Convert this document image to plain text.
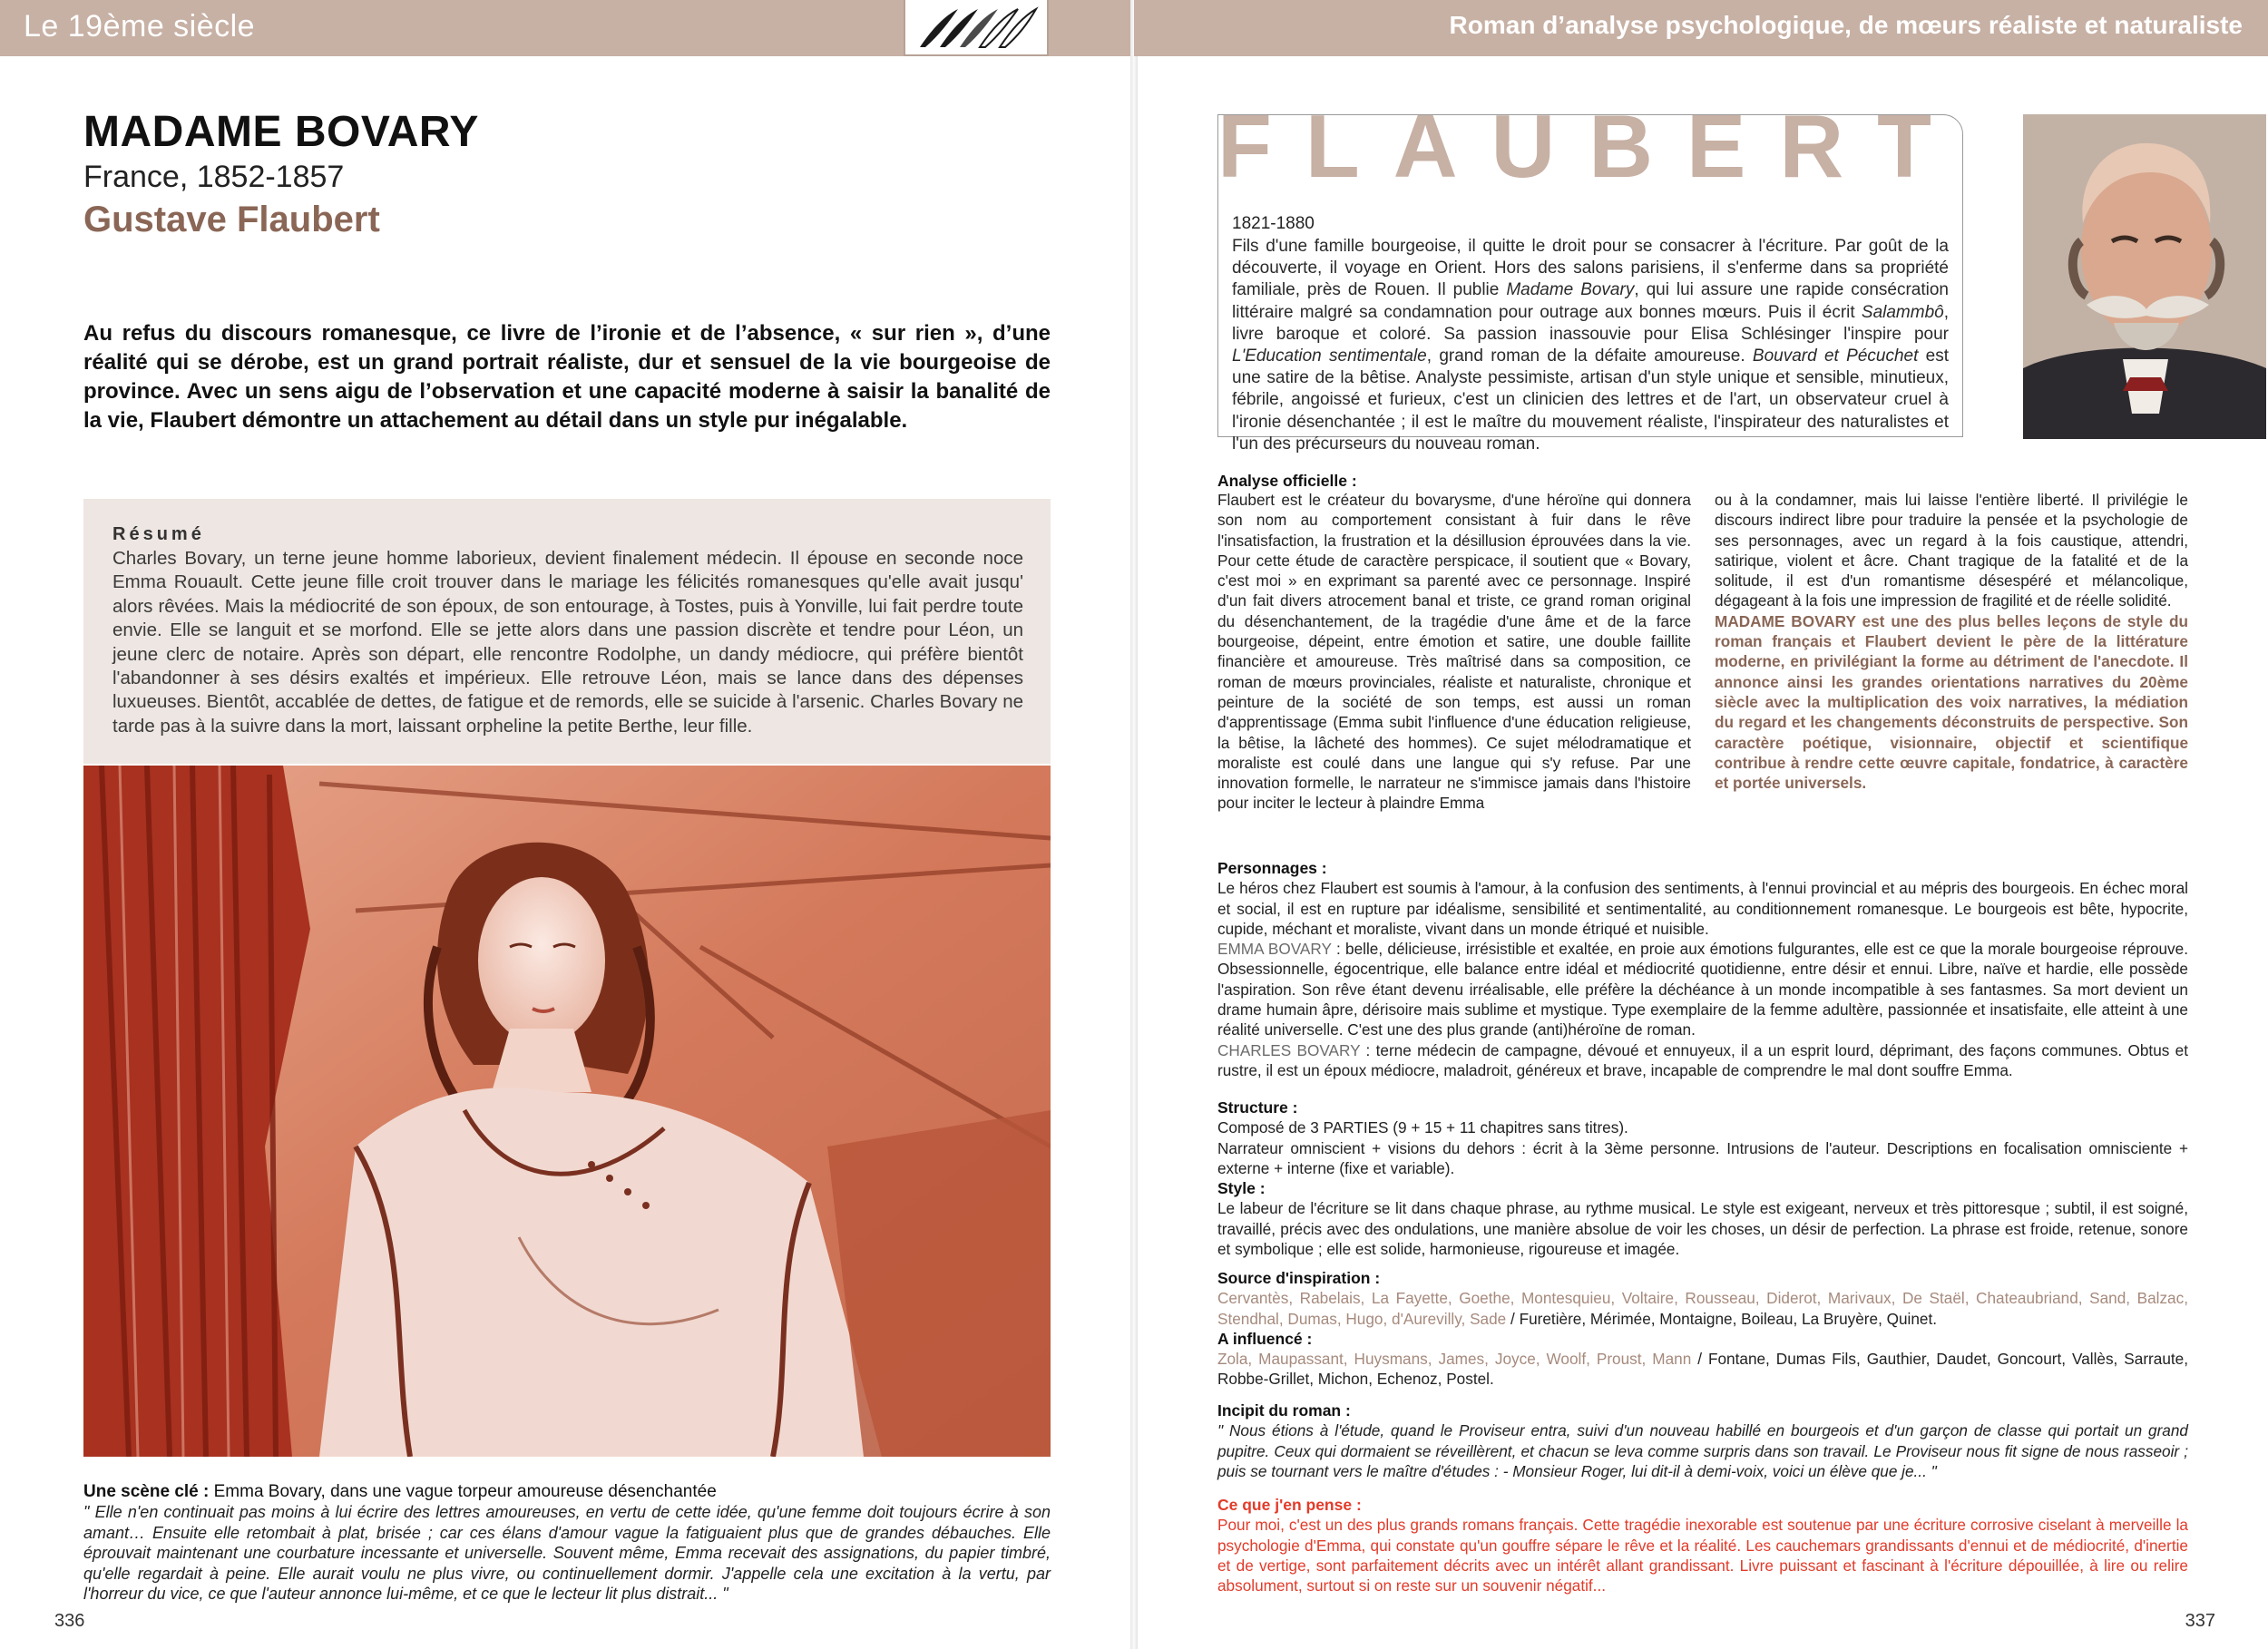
Le 19ème siècle
MADAME BOVARY
France, 1852-1857
Gustave Flaubert

Au refus du discours romanesque, ce livre de l’ironie et de l’absence, « sur rien », d’une réalité qui se dérobe, est un grand portrait réaliste, dur et sensuel de la vie bourgeoise de province. Avec un sens aigu de l’observation et une capacité moderne à saisir la banalité de la vie, Flaubert démontre un attachement au détail dans un style pur inégalable.

Résumé

Charles Bovary, un terne jeune homme laborieux, devient finalement médecin. Il épouse en seconde noce Emma Rouault. Cette jeune fille croit trouver dans le mariage les félicités romanesques qu'elle avait jusqu' alors rêvées. Mais la médiocrité de son époux, de son entourage, à Tostes, puis à Yonville, lui fait perdre toute envie. Elle se languit et se morfond. Elle se jette alors dans une passion discrète et tendre pour Léon, un jeune clerc de notaire. Après son départ, elle rencontre Rodolphe, un dandy médiocre, qui préfère bientôt l'abandonner à ses désirs exaltés et impérieux. Elle retrouve Léon, mais se lance dans des dépenses luxueuses. Bientôt, accablée de dettes, de fatigue et de remords, elle se suicide à l'arsenic. Charles Bovary ne tarde pas à la suivre dans la mort, laissant orpheline la petite Berthe, leur fille.

Une scène clé : Emma Bovary, dans une vague torpeur amoureuse désenchantée

" Elle n'en continuait pas moins à lui écrire des lettres amoureuses, en vertu de cette idée, qu'une femme doit toujours écrire à son amant… Ensuite elle retombait à plat, brisée ; car ces élans d'amour vague la fatiguaient plus que de grandes débauches. Elle éprouvait maintenant une courbature incessante et universelle. Souvent même, Emma recevait des assignations, du papier timbré, qu'elle regardait à peine. Elle aurait voulu ne plus vivre, ou continuellement dormir. J'appelle cela une excitation à la vertu, par l'horreur du vice, ce que l'auteur annonce lui-même, et ce que le lecteur lit plus distrait... "

336
Roman d’analyse psychologique, de mœurs réaliste et naturaliste
FLAUBERT
1821-1880

Fils d'une famille bourgeoise, il quitte le droit pour se consacrer à l'écriture. Par goût de la découverte, il voyage en Orient. Hors des salons parisiens, il s'enferme dans sa propriété familiale, près de Rouen. Il publie Madame Bovary, qui lui assure une rapide consécration littéraire malgré sa condamnation pour outrage aux bonnes mœurs. Puis il écrit Salammbô, livre baroque et coloré. Sa passion inassouvie pour Elisa Schlésinger l'inspire pour L'Education sentimentale, grand roman de la défaite amoureuse. Bouvard et Pécuchet est une satire de la bêtise. Analyste pessimiste, artisan d'un style unique et sensible, minutieux, fébrile, angoissé et furieux, c'est un clinicien des lettres et de l'art, un observateur cruel à l'ironie désenchantée ; il est le maître du mouvement réaliste, l'inspirateur des naturalistes et l'un des précurseurs du nouveau roman.

Analyse officielle :

Flaubert est le créateur du bovarysme, d'une héroïne qui donnera son nom au comportement consistant à fuir dans le rêve l'insatisfaction, la frustration et la désillusion éprouvées dans la vie. Pour cette étude de caractère perspicace, il soutient que « Bovary, c'est moi » en exprimant sa parenté avec ce personnage. Inspiré d'un fait divers atrocement banal et triste, ce grand roman original du désenchantement, de la tragédie d'une âme et de la farce bourgeoise, dépeint, entre émotion et satire, une double faillite financière et amoureuse. Très maîtrisé dans sa composition, ce roman de mœurs provinciales, réaliste et naturaliste, chronique et peinture de la société de son temps, est aussi un roman d'apprentissage (Emma subit l'influence d'une éducation religieuse, la bêtise, la lâcheté des hommes). Ce sujet mélodramatique et moraliste est coulé dans une langue qui s'y refuse. Par une innovation formelle, le narrateur ne s'immisce jamais dans l'histoire pour inciter le lecteur à plaindre Emma

ou à la condamner, mais lui laisse l'entière liberté. Il privilégie le discours indirect libre pour traduire la pensée et la psychologie de ses personnages, avec un regard à la fois caustique, attendri, satirique, violent et âcre. Chant tragique de la fatalité et de la solitude, il est d'un romantisme désespéré et mélancolique, dégageant à la fois une impression de fragilité et de réelle solidité.

MADAME BOVARY est une des plus belles leçons de style du roman français et Flaubert devient le père de la littérature moderne, en privilégiant la forme au détriment de l'anecdote. Il annonce ainsi les grandes orientations narratives du 20ème siècle avec la multiplication des voix narratives, la médiation du regard et les changements déconstruits de perspective. Son caractère poétique, visionnaire, objectif et scientifique contribue à rendre cette œuvre capitale, fondatrice, à caractère et portée universels.

Personnages :

Le héros chez Flaubert est soumis à l'amour, à la confusion des sentiments, à l'ennui provincial et au mépris des bourgeois. En échec moral et social, il est en rupture par idéalisme, sensibilité et sentimentalité, au conditionnement romanesque. Le bourgeois est bête, hypocrite, cupide, méchant et moraliste, vivant dans un monde étriqué et nuisible.

EMMA BOVARY : belle, délicieuse, irrésistible et exaltée, en proie aux émotions fulgurantes, elle est ce que la morale bourgeoise réprouve. Obsessionnelle, égocentrique, elle balance entre idéal et médiocrité quotidienne, entre désir et ennui. Libre, naïve et hardie, elle possède l'aspiration. Son rêve étant devenu irréalisable, elle préfère la déchéance à un monde incompatible à ses fantasmes. Sa mort devient un drame humain âpre, dérisoire mais sublime et mystique. Type exemplaire de la femme adultère, passionnée et insatisfaite, elle atteint à une réalité universelle. C'est une des plus grande (anti)héroïne de roman.

CHARLES BOVARY : terne médecin de campagne, dévoué et ennuyeux, il a un esprit lourd, déprimant, des façons communes. Obtus et rustre, il est un époux médiocre, maladroit, généreux et brave, incapable de comprendre le mal dont souffre Emma.

Structure :

Composé de 3 PARTIES (9 + 15 + 11 chapitres sans titres).

Narrateur omniscient + visions du dehors : écrit à la 3ème personne. Intrusions de l'auteur. Descriptions en focalisation omnisciente + externe + interne (fixe et variable).

Style :

Le labeur de l'écriture se lit dans chaque phrase, au rythme musical. Le style est exigeant, nerveux et très pittoresque ; subtil, il est soigné, travaillé, précis avec des ondulations, une manière absolue de voir les choses, un désir de perfection. La phrase est froide, retenue, sonore et symbolique ; elle est solide, harmonieuse, rigoureuse et imagée.

Source d'inspiration :

Cervantès, Rabelais, La Fayette, Goethe, Montesquieu, Voltaire, Rousseau, Diderot, Marivaux, De Staël, Chateaubriand, Sand, Balzac, Stendhal, Dumas, Hugo, d'Aurevilly, Sade / Furetière, Mérimée, Montaigne, Boileau, La Bruyère, Quinet.

A influencé :

Zola, Maupassant, Huysmans, James, Joyce, Woolf, Proust, Mann / Fontane, Dumas Fils, Gauthier, Daudet, Goncourt, Vallès, Sarraute, Robbe-Grillet, Michon, Echenoz, Postel.

Incipit du roman :

" Nous étions à l'étude, quand le Proviseur entra, suivi d'un nouveau habillé en bourgeois et d'un garçon de classe qui portait un grand pupitre. Ceux qui dormaient se réveillèrent, et chacun se leva comme surpris dans son travail. Le Proviseur nous fit signe de nous rasseoir ; puis se tournant vers le maître d'études : - Monsieur Roger, lui dit-il à demi-voix, voici un élève que je... "

Ce que j'en pense :

Pour moi, c'est un des plus grands romans français. Cette tragédie inexorable est soutenue par une écriture corrosive ciselant à merveille la psychologie d'Emma, qui constate qu'un gouffre sépare le rêve et la réalité. Les cauchemars grandissants d'ennui et de médiocrité, d'inertie et de vertige, sont parfaitement décrits avec un intérêt allant grandissant. Livre puissant et fascinant à l'écriture dépouillée, à lire ou relire absolument, surtout si on reste sur un souvenir négatif...

337
